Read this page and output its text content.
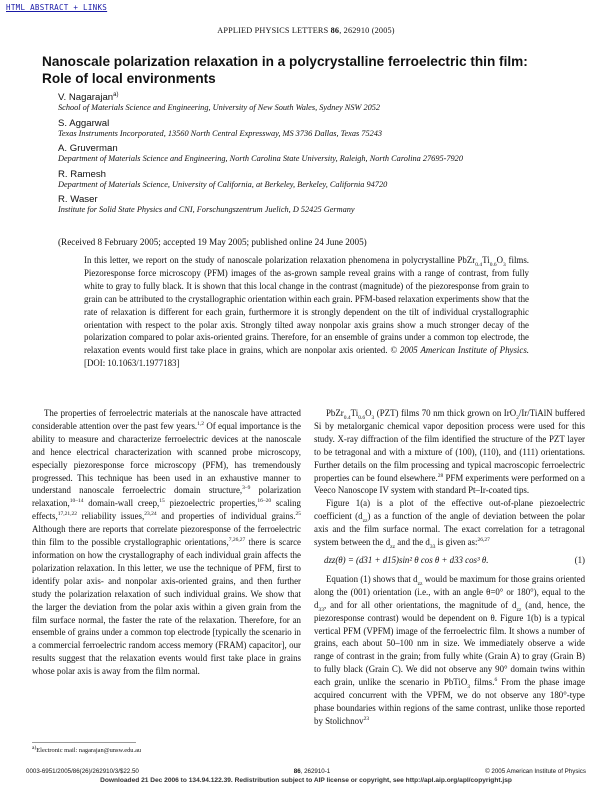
HTML ABSTRACT + LINKS
APPLIED PHYSICS LETTERS 86, 262910 (2005)
Nanoscale polarization relaxation in a polycrystalline ferroelectric thin film:
Role of local environments
V. Nagarajan$^{a)}$
School of Materials Science and Engineering, University of New South Wales, Sydney NSW 2052
S. Aggarwal
Texas Instruments Incorporated, 13560 North Central Expressway, MS 3736 Dallas, Texas 75243
A. Gruverman
Department of Materials Science and Engineering, North Carolina State University, Raleigh, North Carolina 27695-7920
R. Ramesh
Department of Materials Science, University of California, at Berkeley, Berkeley, California 94720
R. Waser
Institute for Solid State Physics and CNI, Forschungszentrum Juelich, D 52425 Germany
(Received 8 February 2005; accepted 19 May 2005; published online 24 June 2005)
In this letter, we report on the study of nanoscale polarization relaxation phenomena in polycrystalline $PbZr_{0.4}Ti_{0.6}O_3$ films. Piezoresponse force microscopy (PFM) images of the as-grown sample reveal grains with a range of contrast, from fully white to gray to fully black. It is shown that this local change in the contrast (magnitude) of the piezoresponse from grain to grain can be attributed to the crystallographic orientation within each grain. PFM-based relaxation experiments show that the rate of relaxation is different for each grain, furthermore it is strongly dependent on the tilt of individual crystallographic orientation with respect to the polar axis. Strongly tilted away nonpolar axis grains show a much stronger decay of the polarization compared to polar axis-oriented grains. Therefore, for an ensemble of grains under a common top electrode, the relaxation events would first take place in grains, which are nonpolar axis oriented. © 2005 American Institute of Physics. [DOI: 10.1063/1.1977183]

The properties of ferroelectric materials at the nanoscale have attracted considerable attention over the past few years.$^{1,2}$ Of equal importance is the ability to measure and characterize ferroelectric devices at the nanoscale and hence electrical characterization with scanned probe microscopy, especially piezoresponse force microscopy (PFM), has tremendously progressed. This technique has been used in an exhaustive manner to understand nanoscale ferroelectric domain structure,$^{3-9}$ polarization relaxation,$^{10-14}$ domain-wall creep,$^{15}$ piezoelectric properties,$^{16-20}$ scaling effects,$^{17,21,22}$ reliability issues,$^{23,24}$ and properties of individual grains.$^{25}$ Although there are reports that correlate piezoresponse of the ferroelectric thin film to the possible crystallographic orientations,$^{7,26,27}$ there is scarce information on how the crystallography of each individual grain affects the polarization relaxation. In this letter, we use the technique of PFM, first to identify polar axis- and nonpolar axis-oriented grains, and then further study the polarization relaxation of such individual grains. We show that the larger the deviation from the polar axis within a given grain from the film surface normal, the faster the rate of the relaxation. Therefore, for an ensemble of grains under a common top electrode [typically the scenario in a commercial ferroelectric random access memory (FRAM) capacitor], our results suggest that the relaxation events would first take place in grains whose polar axis is away from the film normal.

$PbZr_{0.4}Ti_{0.6}O_3$ (PZT) films 70 nm thick grown on IrO$_2$/Ir/TiAlN buffered Si by metalorganic chemical vapor deposition process were used for this study. X-ray diffraction of the film identified the structure of the PZT layer to be tetragonal and with a mixture of (100), (110), and (111) orientations. Further details on the film processing and typical macroscopic ferroelectric properties can be found elsewhere.$^{28}$ PFM experiments were performed on a Veeco Nanoscope IV system with standard Pt–Ir-coated tips.

Figure 1(a) is a plot of the effective out-of-plane piezoelectric coefficient $(d_{zz})$ as a function of the angle of deviation between the polar axis and the film surface normal. The exact correlation for a tetragonal system between the $d_{zz}$ and the $d_{33}$ is given as:$^{26,27}$

dzz(θ) = (d31 + d15)sin² θ cos θ + d33 cos³ θ.	(1)

Equation (1) shows that $d_{zz}$ would be maximum for those grains oriented along the (001) orientation (i.e., with an angle θ=0° or 180°), equal to the $d_{33}$, and for all other orientations, the magnitude of $d_{zz}$ (and, hence, the piezoresponse contrast) would be dependent on θ. Figure 1(b) is a typical vertical PFM (VPFM) image of the ferroelectric film. It shows a number of grains, each about 50–100 nm in size. We immediately observe a wide range of contrast in the grain; from fully white (Grain A) to gray (Grain B) to fully black (Grain C). We did not observe any 90° domain twins within each grain, unlike the scenario in PbTiO$_3$ films.$^6$ From the phase image acquired concurrent with the VPFM, we do not observe any 180°-type phase boundaries within regions of the same contrast, unlike those reported by Stolichnov$^{23}$

$^{a)}$Electronic mail: nagarajan@unsw.edu.au
0003-6951/2005/86(26)/262910/3/$22.50	86, 262910-1	© 2005 American Institute of Physics
Downloaded 21 Dec 2006 to 134.94.122.39. Redistribution subject to AIP license or copyright, see http://apl.aip.org/apl/copyright.jsp
